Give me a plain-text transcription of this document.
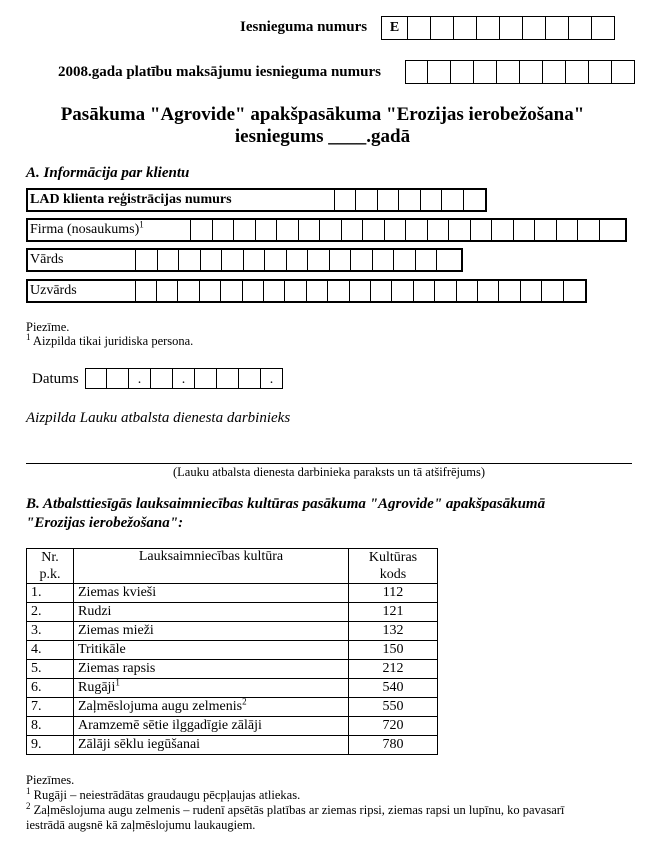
Iesnieguma numurs	E
2008.gada platību maksājumu iesnieguma numurs
Pasākuma "Agrovide" apakšpasākuma "Erozijas ierobežošana"
iesniegums ____.gadā
A. Informācija par klientu
LAD klienta reģistrācijas numurs
Firma (nosaukums)$^1$
Vārds
Uzvārds
Piezīme.
$^1$ Aizpilda tikai juridiska persona.
Datums	.	.	.
Aizpilda Lauku atbalsta dienesta darbinieks
(Lauku atbalsta dienesta darbinieka paraksts un tā atšifrējums)
B. Atbalsttiesīgās lauksaimniecības kultūras pasākuma "Agrovide" apakšpasākumā
"Erozijas ierobežošana":
Nr.
p.k.	Lauksaimniecības kultūra	Kultūras
kods
1.	Ziemas kvieši	112
2.	Rudzi	121
3.	Ziemas mieži	132
4.	Tritikāle	150
5.	Ziemas rapsis	212
6.	Rugāji$^1$	540
7.	Zaļmēslojuma augu zelmenis$^2$	550
8.	Aramzemē sētie ilggadīgie zālāji	720
9.	Zālāji sēklu iegūšanai	780
Piezīmes.
$^1$ Rugāji – neiestrādātas graudaugu pēcpļaujas atliekas.
$^2$ Zaļmēslojuma augu zelmenis – rudenī apsētās platības ar ziemas ripsi, ziemas rapsi un lupīnu, ko pavasarī
iestrādā augsnē kā zaļmēslojumu laukaugiem.
